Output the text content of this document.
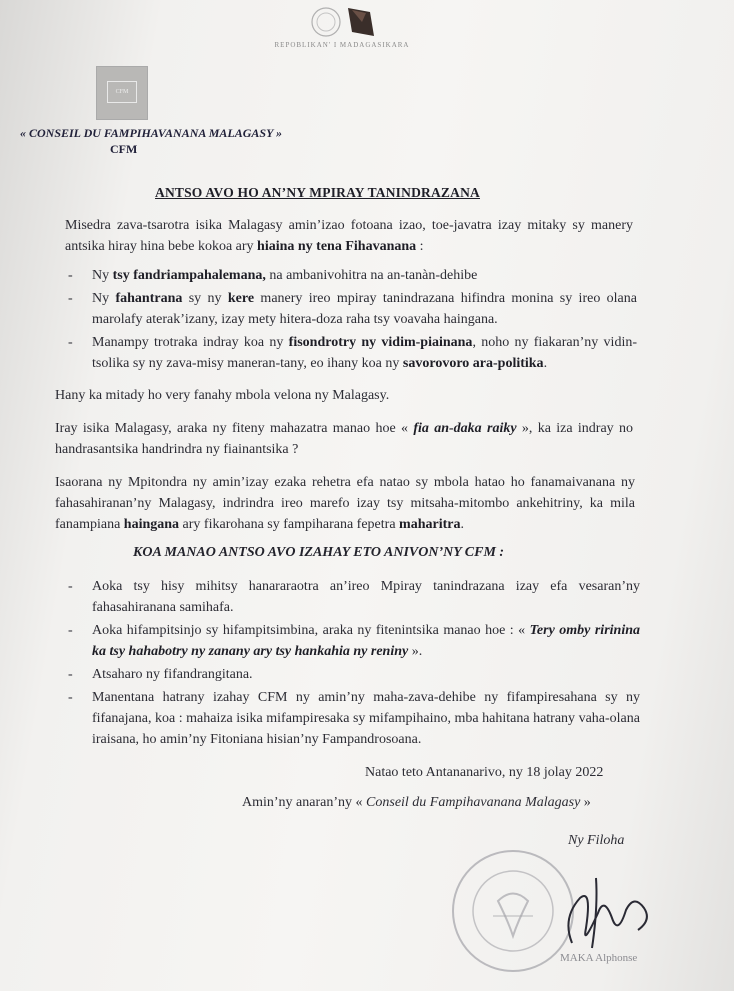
REPOBLIKAN' I MADAGASIKARA
CFM
« CONSEIL DU FAMPIHAVANANA MALAGASY »
CFM
ANTSO AVO HO AN’NY MPIRAY TANINDRAZANA
Misedra zava-tsarotra isika Malagasy amin’izao fotoana izao, toe-javatra izay mitaky sy manery antsika hiray hina bebe kokoa ary hiaina ny tena Fihavanana :
- Ny tsy fandriampahalemana, na ambanivohitra na an-tanàn-dehibe
- Ny fahantrana sy ny kere manery ireo mpiray tanindrazana hifindra monina sy ireo olana marolafy aterak’izany, izay mety hitera-doza raha tsy voavaha haingana.
- Manampy trotraka indray koa ny fisondrotry ny vidim-piainana, noho ny fiakaran’ny vidin-tsolika sy ny zava-misy maneran-tany, eo ihany koa ny savorovoro ara-politika.
Hany ka mitady ho very fanahy mbola velona ny Malagasy.
Iray isika Malagasy, araka ny fiteny mahazatra manao hoe « fia an-daka raiky », ka iza indray no handrasantsika handrindra ny fiainantsika ?
Isaorana ny Mpitondra ny amin’izay ezaka rehetra efa natao sy mbola hatao ho fanamaivanana ny fahasahiranan’ny Malagasy, indrindra ireo marefo izay tsy mitsaha-mitombo ankehitriny, ka mila fanampiana haingana ary fikarohana sy fampiharana fepetra maharitra.
KOA MANAO ANTSO AVO IZAHAY ETO ANIVON’NY CFM :
- Aoka tsy hisy mihitsy hanararaotra an’ireo Mpiray tanindrazana izay efa vesaran’ny fahasahiranana samihafa.
- Aoka hifampitsinjo sy hifampitsimbina, araka ny fitenintsika manao hoe : « Tery omby ririnina ka tsy hahabotry ny zanany ary tsy hankahia ny reniny ».
- Atsaharo ny fifandrangitana.
- Manentana hatrany izahay CFM ny amin’ny maha-zava-dehibe ny fifampiresahana sy ny fifanajana, koa : mahaiza isika mifampiresaka sy mifampihaino, mba hahitana hatrany vaha-olana iraisana, ho amin’ny Fitoniana hisian’ny Fampandrosoana.
Natao teto Antananarivo, ny 18 jolay 2022
Amin’ny anaran’ny « Conseil du Fampihavanana Malagasy »
Ny Filoha
MAKA Alphonse
